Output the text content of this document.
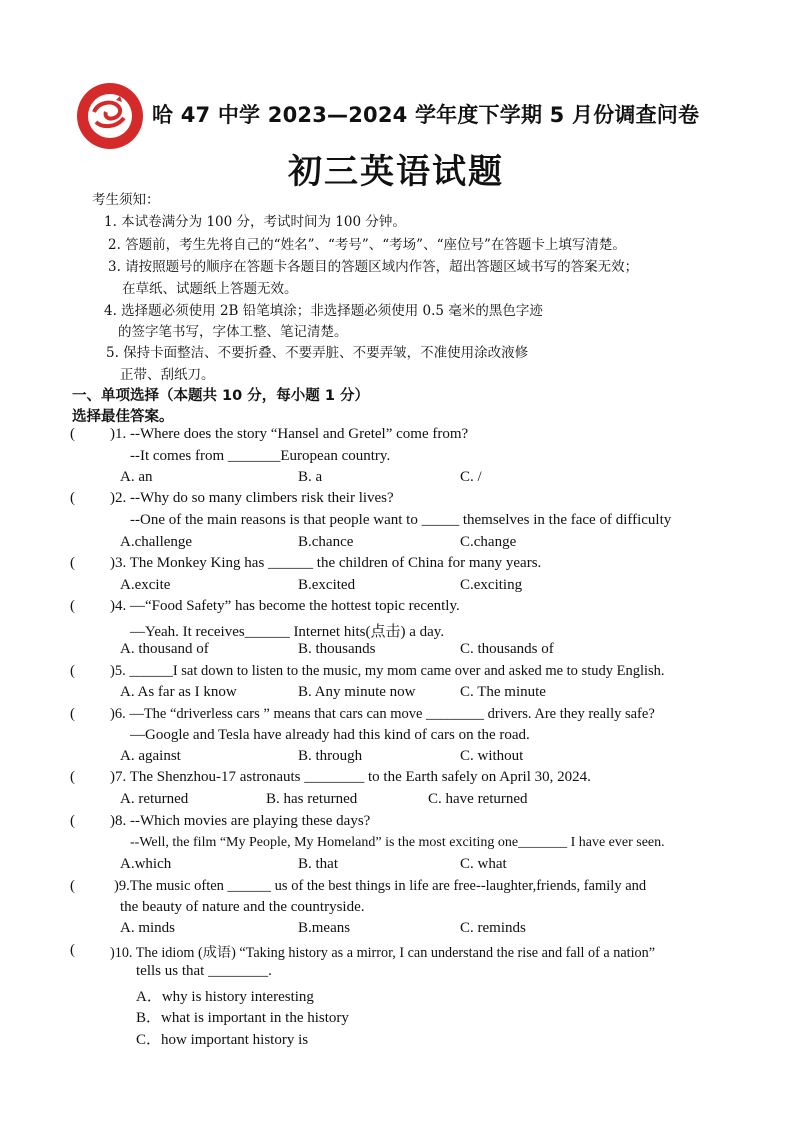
哈 47 中学 2023—2024 学年度下学期 5 月份调查问卷
初三英语试题
考生须知：
1. 本试卷满分为 100 分，考试时间为 100 分钟。
2. 答题前，考生先将自己的“姓名”、“考号”、“考场”、“座位号”在答题卡上填写清楚。
3. 请按照题号的顺序在答题卡各题目的答题区域内作答，超出答题区域书写的答案无效；
在草纸、试题纸上答题无效。
4. 选择题必须使用 2B 铅笔填涂；非选择题必须使用 0.5 毫米的黑色字迹
的签字笔书写，字体工整、笔记清楚。
5. 保持卡面整洁、不要折叠、不要弄脏、不要弄皱，不准使用涂改液修
正带、刮纸刀。
一、单项选择（本题共 10 分，每小题 1 分）
选择最佳答案。
( )1. --Where does the story “Hansel and Gretel” come from?
--It comes from _______European country.
A. an	B. a	C. /
( )2. --Why do so many climbers risk their lives?
--One of the main reasons is that people want to _____ themselves in the face of difficulty
A.challenge	B.chance	C.change
( )3. The Monkey King has ______ the children of China for many years.
A.excite	B.excited	C.exciting
( )4. —“Food Safety” has become the hottest topic recently.
—Yeah. It receives______ Internet hits(点击) a day.
A. thousand of	B. thousands	C. thousands of
( )5. ______I sat down to listen to the music, my mom came over and asked me to study English.
A. As far as I know	B. Any minute now	C. The minute
( )6. —The “driverless cars ” means that cars can move ________ drivers. Are they really safe?
—Google and Tesla have already had this kind of cars on the road.
A. against	B. through	C. without
( )7. The Shenzhou-17 astronauts ________ to the Earth safely on April 30, 2024.
A. returned	B. has returned	C. have returned
( )8. --Which movies are playing these days?
--Well, the film “My People, My Homeland” is the most exciting one_______ I have ever seen.
A.which	B. that	C. what
(	)9.The music often ______ us of the best things in life are free--laughter,friends, family and
the beauty of nature and the countryside.
A. minds	B.means	C. reminds
( )10. The idiom (成语) “Taking history as a mirror, I can understand the rise and fall of a nation”
tells us that ________.
A．why is history interesting
B．what is important in the history
C．how important history is
